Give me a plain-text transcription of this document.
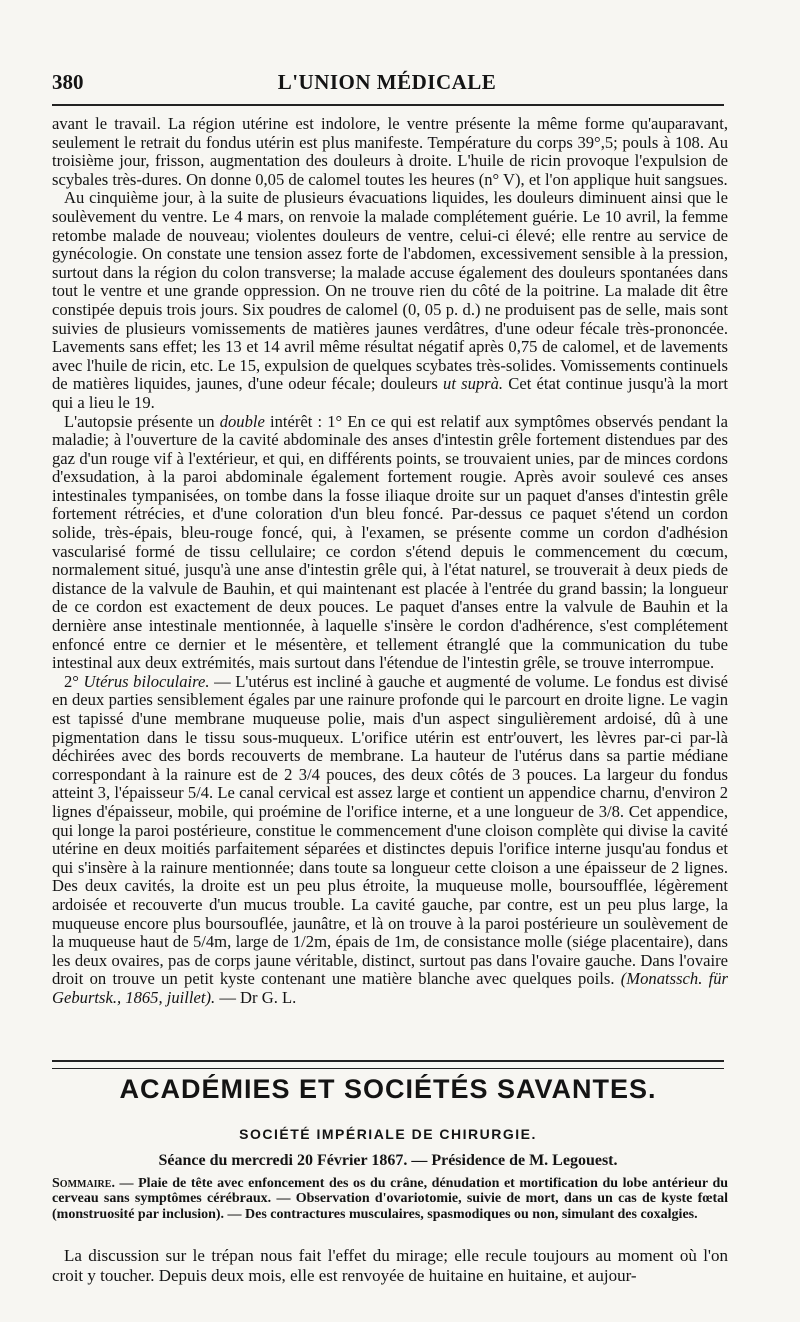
380	L'UNION MÉDICALE

avant le travail. La région utérine est indolore, le ventre présente la même forme qu'auparavant, seulement le retrait du fondus utérin est plus manifeste. Température du corps 39°,5; pouls à 108. Au troisième jour, frisson, augmentation des douleurs à droite. L'huile de ricin provoque l'expulsion de scybales très-dures. On donne 0,05 de calomel toutes les heures (n° V), et l'on applique huit sangsues.

Au cinquième jour, à la suite de plusieurs évacuations liquides, les douleurs diminuent ainsi que le soulèvement du ventre. Le 4 mars, on renvoie la malade complétement guérie. Le 10 avril, la femme retombe malade de nouveau; violentes douleurs de ventre, celui-ci élevé; elle rentre au service de gynécologie. On constate une tension assez forte de l'abdomen, excessivement sensible à la pression, surtout dans la région du colon transverse; la malade accuse également des douleurs spontanées dans tout le ventre et une grande oppression. On ne trouve rien du côté de la poitrine. La malade dit être constipée depuis trois jours. Six poudres de calomel (0, 05 p. d.) ne produisent pas de selle, mais sont suivies de plusieurs vomissements de matières jaunes verdâtres, d'une odeur fécale très-prononcée. Lavements sans effet; les 13 et 14 avril même résultat négatif après 0,75 de calomel, et de lavements avec l'huile de ricin, etc. Le 15, expulsion de quelques scybates très-solides. Vomissements continuels de matières liquides, jaunes, d'une odeur fécale; douleurs ut suprà. Cet état continue jusqu'à la mort qui a lieu le 19.

L'autopsie présente un double intérêt : 1° En ce qui est relatif aux symptômes observés pendant la maladie; à l'ouverture de la cavité abdominale des anses d'intestin grêle fortement distendues par des gaz d'un rouge vif à l'extérieur, et qui, en différents points, se trouvaient unies, par de minces cordons d'exsudation, à la paroi abdominale également fortement rougie. Après avoir soulevé ces anses intestinales tympanisées, on tombe dans la fosse iliaque droite sur un paquet d'anses d'intestin grêle fortement rétrécies, et d'une coloration d'un bleu foncé. Par-dessus ce paquet s'étend un cordon solide, très-épais, bleu-rouge foncé, qui, à l'examen, se présente comme un cordon d'adhésion vascularisé formé de tissu cellulaire; ce cordon s'étend depuis le commencement du cœcum, normalement situé, jusqu'à une anse d'intestin grêle qui, à l'état naturel, se trouverait à deux pieds de distance de la valvule de Bauhin, et qui maintenant est placée à l'entrée du grand bassin; la longueur de ce cordon est exactement de deux pouces. Le paquet d'anses entre la valvule de Bauhin et la dernière anse intestinale mentionnée, à laquelle s'insère le cordon d'adhérence, s'est complétement enfoncé entre ce dernier et le mésentère, et tellement étranglé que la communication du tube intestinal aux deux extrémités, mais surtout dans l'étendue de l'intestin grêle, se trouve interrompue.

2° Utérus biloculaire. — L'utérus est incliné à gauche et augmenté de volume. Le fondus est divisé en deux parties sensiblement égales par une rainure profonde qui le parcourt en droite ligne. Le vagin est tapissé d'une membrane muqueuse polie, mais d'un aspect singulièrement ardoisé, dû à une pigmentation dans le tissu sous-muqueux. L'orifice utérin est entr'ouvert, les lèvres par-ci par-là déchirées avec des bords recouverts de membrane. La hauteur de l'utérus dans sa partie médiane correspondant à la rainure est de 2 3/4 pouces, des deux côtés de 3 pouces. La largeur du fondus atteint 3, l'épaisseur 5/4. Le canal cervical est assez large et contient un appendice charnu, d'environ 2 lignes d'épaisseur, mobile, qui proémine de l'orifice interne, et a une longueur de 3/8. Cet appendice, qui longe la paroi postérieure, constitue le commencement d'une cloison complète qui divise la cavité utérine en deux moitiés parfaitement séparées et distinctes depuis l'orifice interne jusqu'au fondus et qui s'insère à la rainure mentionnée; dans toute sa longueur cette cloison a une épaisseur de 2 lignes. Des deux cavités, la droite est un peu plus étroite, la muqueuse molle, boursoufflée, légèrement ardoisée et recouverte d'un mucus trouble. La cavité gauche, par contre, est un peu plus large, la muqueuse encore plus boursouflée, jaunâtre, et là on trouve à la paroi postérieure un soulèvement de la muqueuse haut de 5/4m, large de 1/2m, épais de 1m, de consistance molle (siége placentaire), dans les deux ovaires, pas de corps jaune véritable, distinct, surtout pas dans l'ovaire gauche. Dans l'ovaire droit on trouve un petit kyste contenant une matière blanche avec quelques poils. (Monatssch. für Geburtsk., 1865, juillet). — Dr G. L.

ACADÉMIES ET SOCIÉTÉS SAVANTES.
SOCIÉTÉ IMPÉRIALE DE CHIRURGIE.
Séance du mercredi 20 Février 1867. — Présidence de M. Legouest.
Sommaire. — Plaie de tête avec enfoncement des os du crâne, dénudation et mortification du lobe antérieur du cerveau sans symptômes cérébraux. — Observation d'ovariotomie, suivie de mort, dans un cas de kyste fœtal (monstruosité par inclusion). — Des contractures musculaires, spasmodiques ou non, simulant des coxalgies.

La discussion sur le trépan nous fait l'effet du mirage; elle recule toujours au moment où l'on croit y toucher. Depuis deux mois, elle est renvoyée de huitaine en huitaine, et aujour-
